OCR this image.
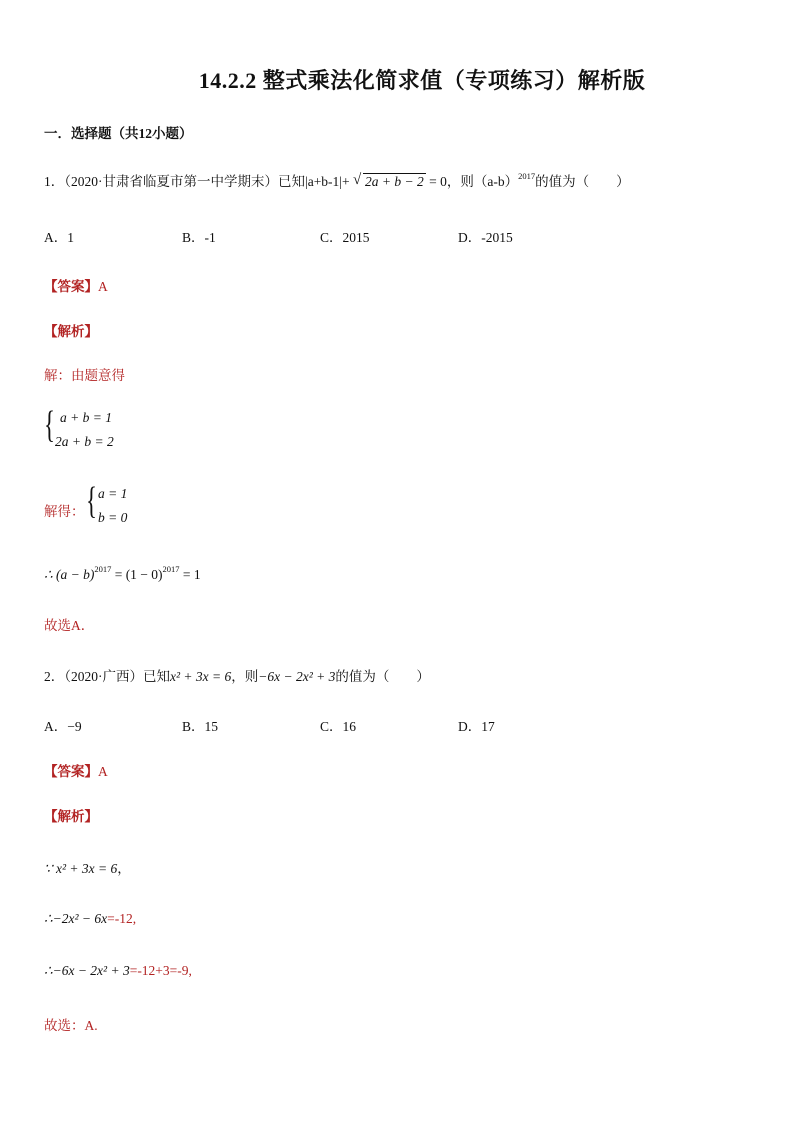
14.2.2 整式乘法化简求值（专项练习）解析版
一．选择题（共12小题）
1．（2020·甘肃省临夏市第一中学期末）已知|a+b-1|+ √ 2a + b − 2 = 0，则$(a-b)^{2017}$的值为（　　）
A．1	B．-1	C．2015	D．-2015
【答案】A
【解析】
解：由题意得
{ a + b = 1
2a + b = 2
解得： { a = 1
b = 0
∴ $(a - b)^{2017} = (1 - 0)^{2017} = 1$
故选A．
2．（2020·广西）已知x² + 3x = 6，则−6x − 2x² + 3的值为（　　）
A．−9	B．15	C．16	D．17
【答案】A
【解析】
∵ x² + 3x = 6，
∴−2x² − 6x=-12,
∴−6x − 2x² + 3=-12+3=-9,
故选：A.
